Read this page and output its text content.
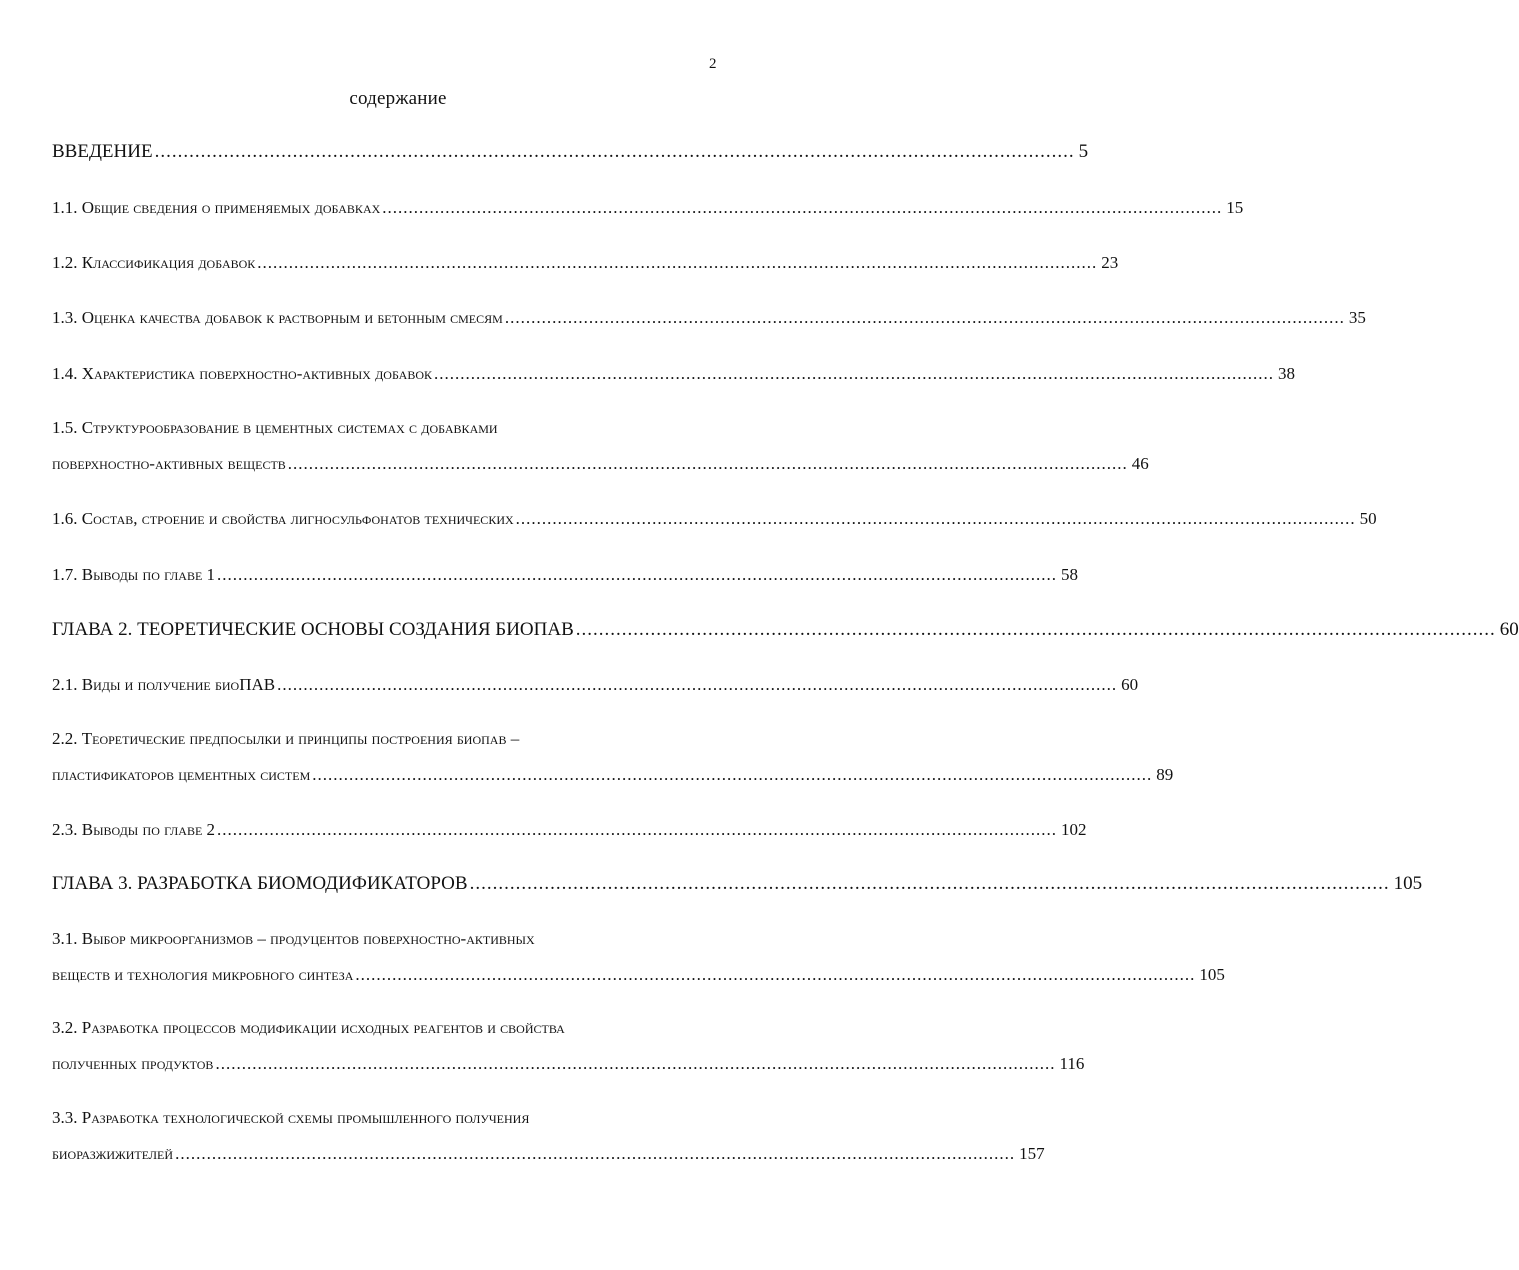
2
содержание
ВВЕДЕНИЕ ................................................................................................................................................................ 5
1.1. Общие сведения о применяемых добавках ................................................................................................................................................................ 15
1.2. Классификация добавок ................................................................................................................................................................ 23
1.3. Оценка качества добавок к растворным и бетонным смесям ................................................................................................................................................................ 35
1.4. Характеристика поверхностно-активных добавок ................................................................................................................................................................ 38
1.5. Структурообразование в цементных системах с добавками
поверхностно-активных веществ ................................................................................................................................................................ 46
1.6. Состав, строение и свойства лигносульфонатов технических ................................................................................................................................................................ 50
1.7. Выводы по главе 1 ................................................................................................................................................................ 58
ГЛАВА 2. ТЕОРЕТИЧЕСКИЕ ОСНОВЫ СОЗДАНИЯ БИОПАВ ................................................................................................................................................................ 60
2.1. Виды и получение биоПАВ ................................................................................................................................................................ 60
2.2. Теоретические предпосылки и принципы построения биопав –
пластификаторов цементных систем ................................................................................................................................................................ 89
2.3. Выводы по главе 2 ................................................................................................................................................................ 102
ГЛАВА 3. РАЗРАБОТКА БИОМОДИФИКАТОРОВ ................................................................................................................................................................ 105
3.1. Выбор микроорганизмов – продуцентов поверхностно-активных
веществ и технология микробного синтеза ................................................................................................................................................................ 105
3.2. Разработка процессов модификации исходных реагентов и свойства
полученных продуктов ................................................................................................................................................................ 116
3.3. Разработка технологической схемы промышленного получения
биоразжижителей ................................................................................................................................................................ 157
